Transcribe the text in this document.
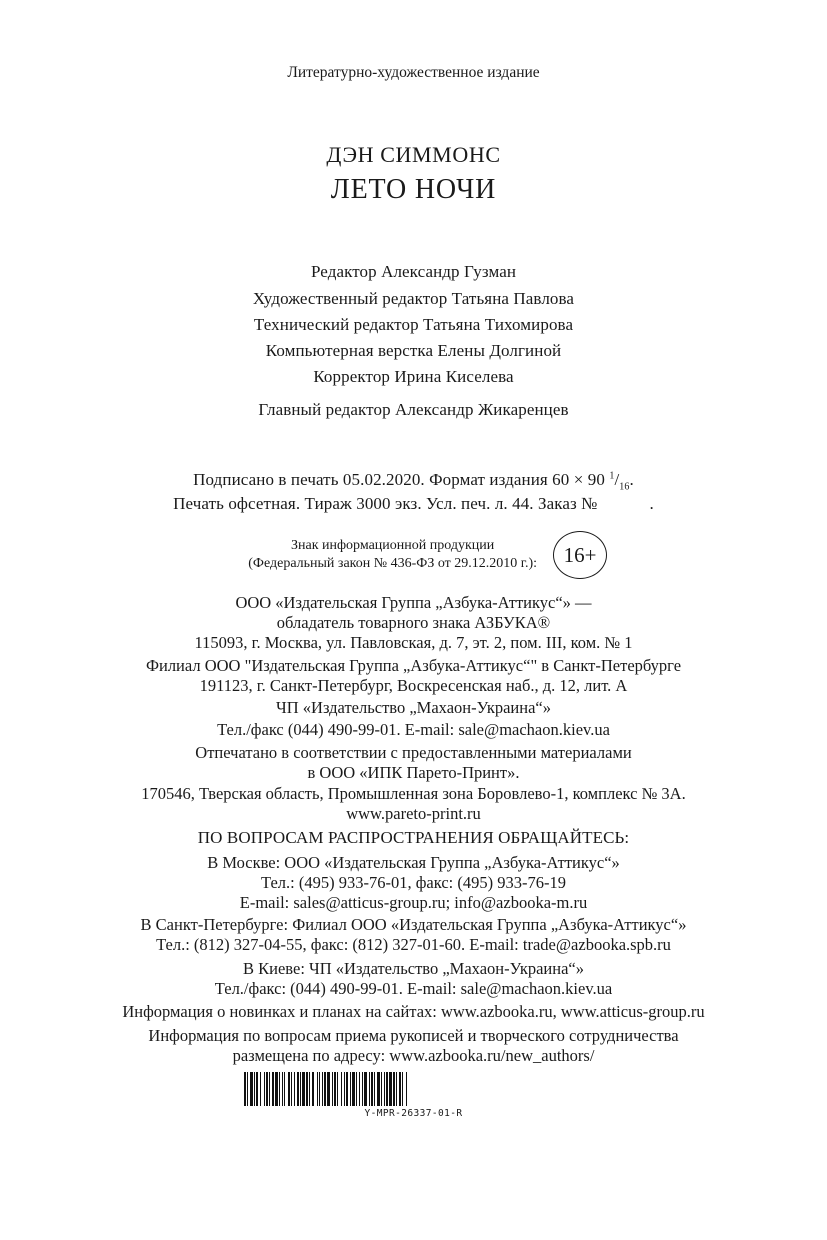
Литературно-художественное издание
ДЭН СИММОНС
ЛЕТО НОЧИ
Редактор Александр Гузман
Художественный редактор Татьяна Павлова
Технический редактор Татьяна Тихомирова
Компьютерная верстка Елены Долгиной
Корректор Ирина Киселева
Главный редактор Александр Жикаренцев
Подписано в печать 05.02.2020. Формат издания 60 × 90 $^1/_{16}$.
Печать офсетная. Тираж 3000 экз. Усл. печ. л. 44. Заказ №	.
Знак информационной продукции
(Федеральный закон № 436-ФЗ от 29.12.2010 г.):	16+
ООО «Издательская Группа „Азбука-Аттикус“» —
обладатель товарного знака АЗБУКА®
115093, г. Москва, ул. Павловская, д. 7, эт. 2, пом. III, ком. № 1
Филиал ООО "Издательская Группа „Азбука-Аттикус“" в Санкт-Петербурге
191123, г. Санкт-Петербург, Воскресенская наб., д. 12, лит. А
ЧП «Издательство „Махаон-Украина“»
Тел./факс (044) 490-99-01. E-mail: sale@machaon.kiev.ua
Отпечатано в соответствии с предоставленными материалами
в ООО «ИПК Парето-Принт».
170546, Тверская область, Промышленная зона Боровлево-1, комплекс № 3А.
www.pareto-print.ru
ПО ВОПРОСАМ РАСПРОСТРАНЕНИЯ ОБРАЩАЙТЕСЬ:
В Москве: ООО «Издательская Группа „Азбука-Аттикус“»
Тел.: (495) 933-76-01, факс: (495) 933-76-19
E-mail: sales@atticus-group.ru; info@azbooka-m.ru
В Санкт-Петербурге: Филиал ООО «Издательская Группа „Азбука-Аттикус“»
Тел.: (812) 327-04-55, факс: (812) 327-01-60. E-mail: trade@azbooka.spb.ru
В Киеве: ЧП «Издательство „Махаон-Украина“»
Тел./факс: (044) 490-99-01. E-mail: sale@machaon.kiev.ua
Информация о новинках и планах на сайтах: www.azbooka.ru, www.atticus-group.ru
Информация по вопросам приема рукописей и творческого сотрудничества
размещена по адресу: www.azbooka.ru/new_authors/
Y-MPR-26337-01-R
